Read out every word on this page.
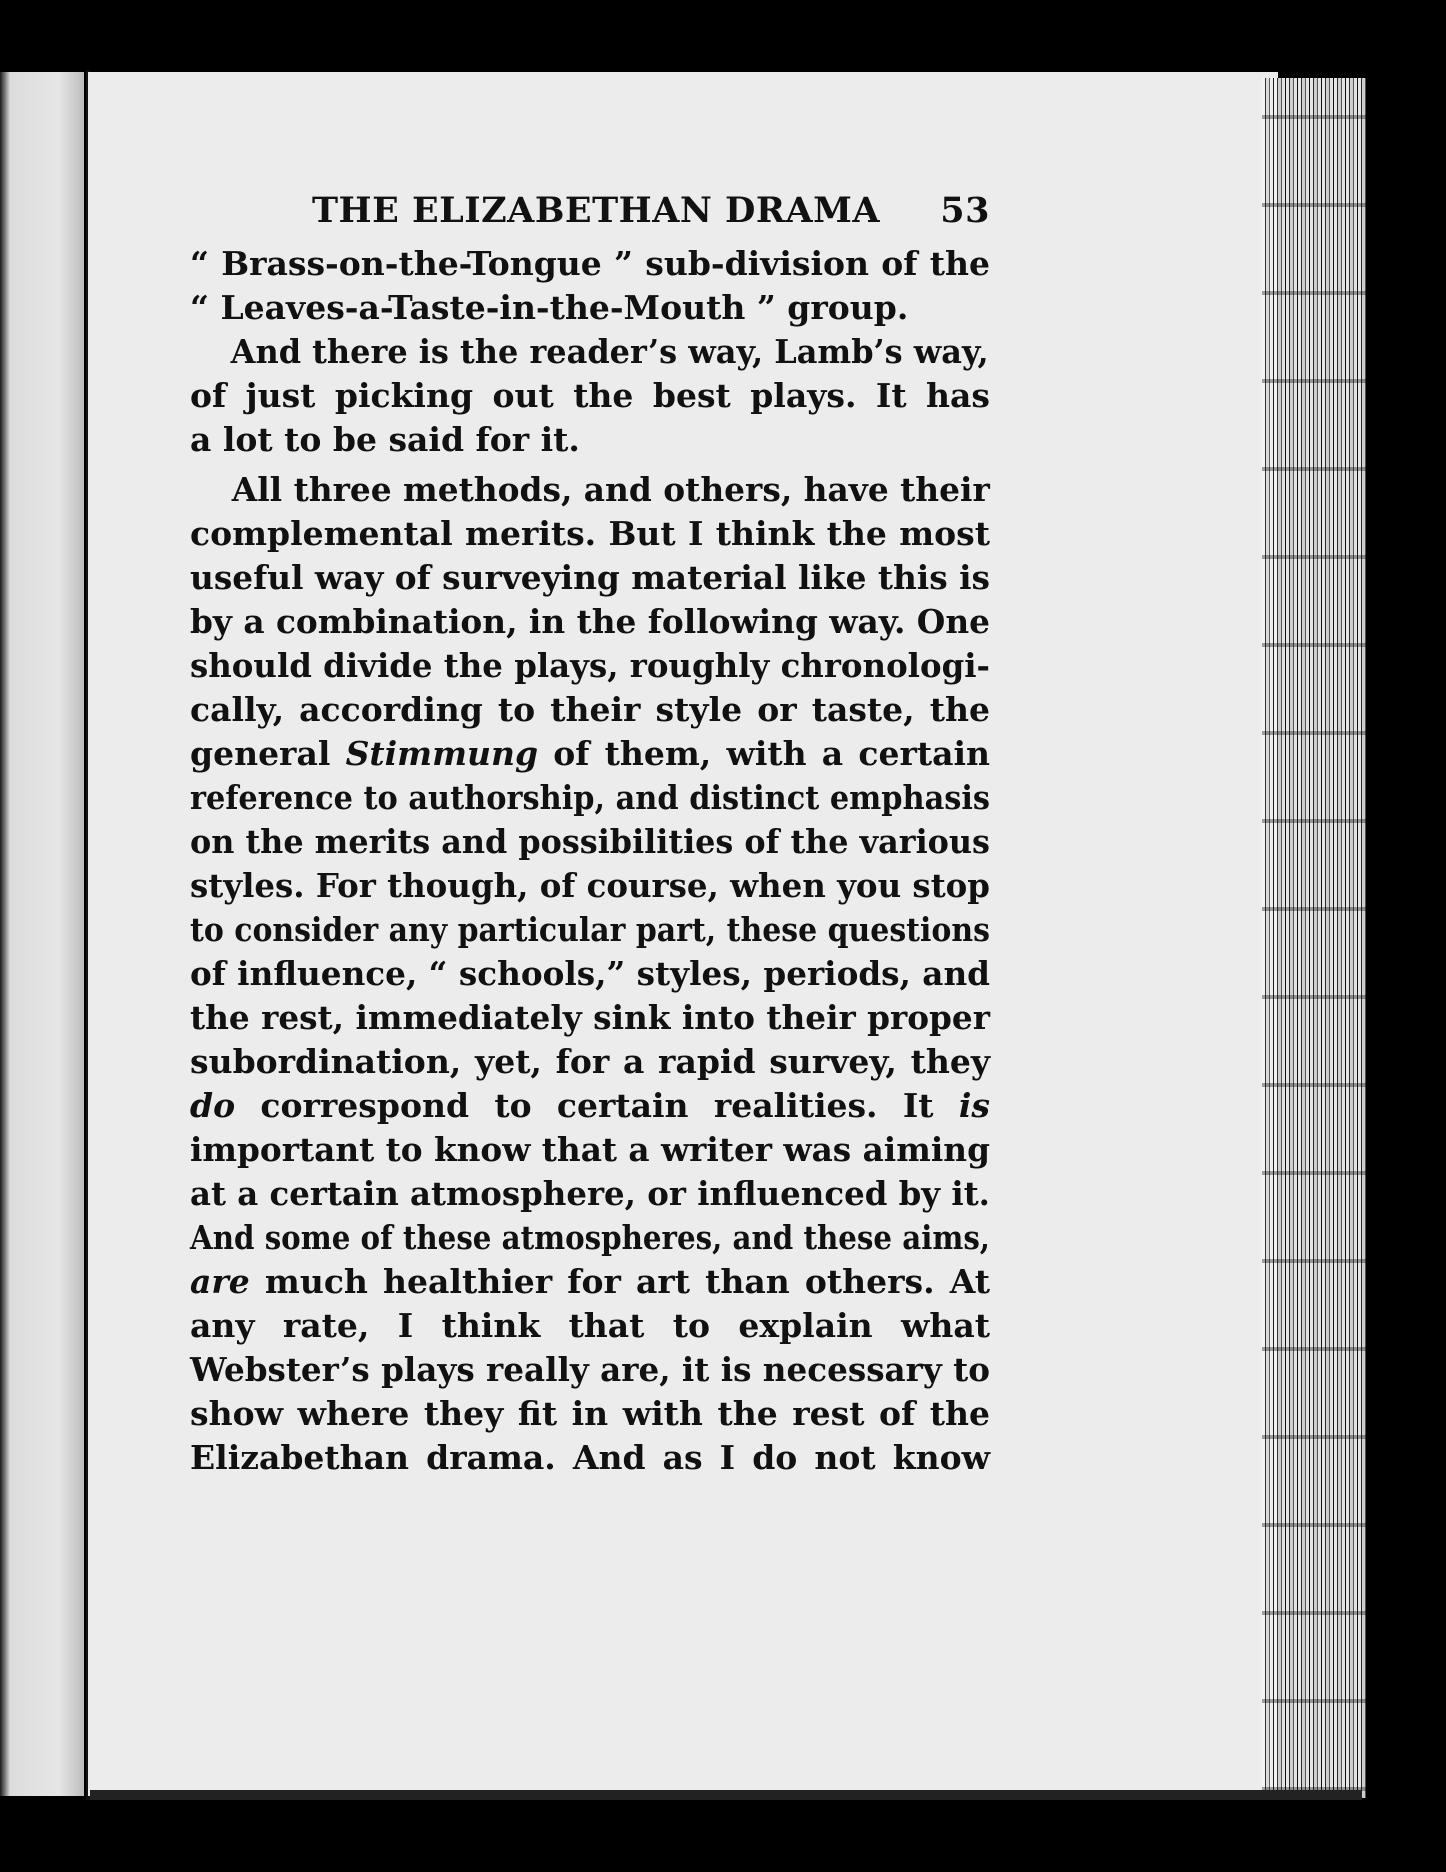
THE ELIZABETHAN DRAMA 53
“ Brass-on-the-Tongue ” sub-division of the
“ Leaves-a-Taste-in-the-Mouth ” group.
And there is the reader’s way, Lamb’s way,
of just picking out the best plays. It has
a lot to be said for it.
All three methods, and others, have their
complemental merits. But I think the most
useful way of surveying material like this is
by a combination, in the following way. One
should divide the plays, roughly chronologi-
cally, according to their style or taste, the
general Stimmung of them, with a certain
reference to authorship, and distinct emphasis
on the merits and possibilities of the various
styles. For though, of course, when you stop
to consider any particular part, these questions
of influence, “ schools,” styles, periods, and
the rest, immediately sink into their proper
subordination, yet, for a rapid survey, they
do correspond to certain realities. It is
important to know that a writer was aiming
at a certain atmosphere, or influenced by it.
And some of these atmospheres, and these aims,
are much healthier for art than others. At
any rate, I think that to explain what
Webster’s plays really are, it is necessary to
show where they fit in with the rest of the
Elizabethan drama. And as I do not know
